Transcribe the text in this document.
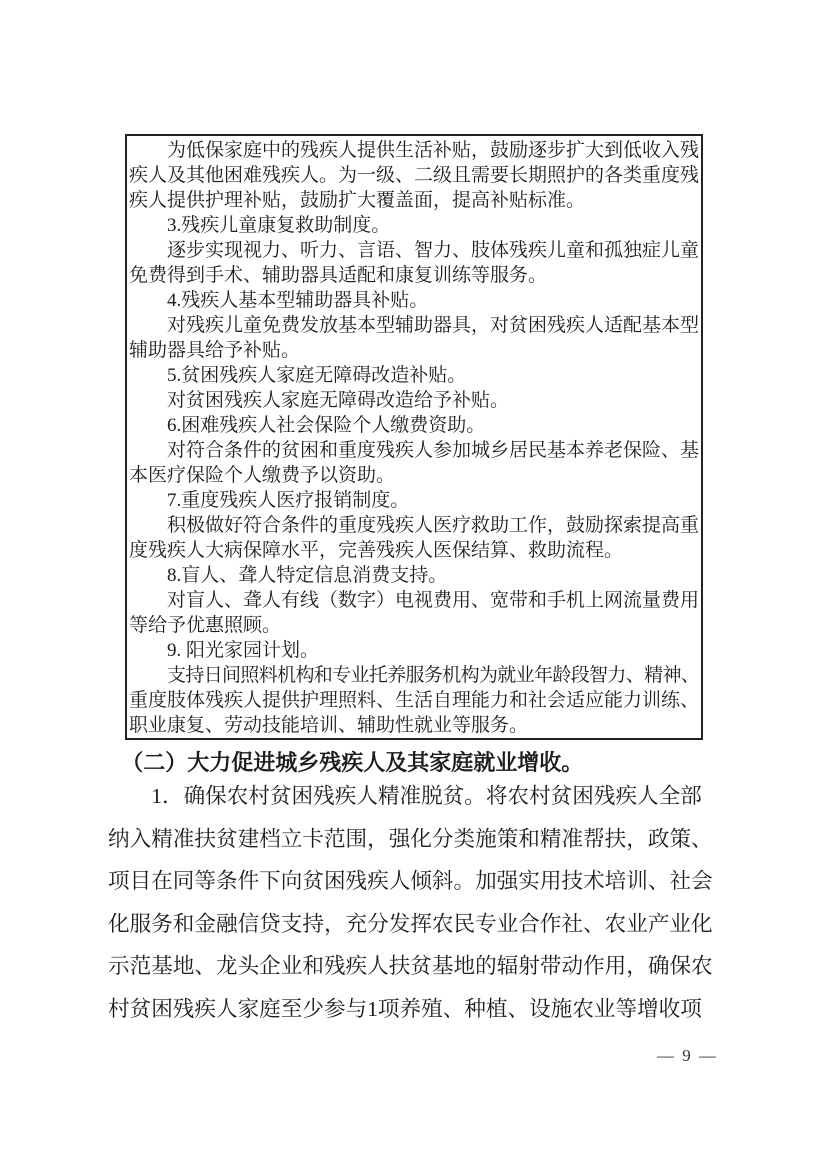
为低保家庭中的残疾人提供生活补贴，鼓励逐步扩大到低收入残
疾人及其他困难残疾人。为一级、二级且需要长期照护的各类重度残
疾人提供护理补贴，鼓励扩大覆盖面，提高补贴标准。
3.残疾儿童康复救助制度。
逐步实现视力、听力、言语、智力、肢体残疾儿童和孤独症儿童
免费得到手术、辅助器具适配和康复训练等服务。
4.残疾人基本型辅助器具补贴。
对残疾儿童免费发放基本型辅助器具，对贫困残疾人适配基本型
辅助器具给予补贴。
5.贫困残疾人家庭无障碍改造补贴。
对贫困残疾人家庭无障碍改造给予补贴。
6.困难残疾人社会保险个人缴费资助。
对符合条件的贫困和重度残疾人参加城乡居民基本养老保险、基
本医疗保险个人缴费予以资助。
7.重度残疾人医疗报销制度。
积极做好符合条件的重度残疾人医疗救助工作，鼓励探索提高重
度残疾人大病保障水平，完善残疾人医保结算、救助流程。
8.盲人、聋人特定信息消费支持。
对盲人、聋人有线（数字）电视费用、宽带和手机上网流量费用
等给予优惠照顾。
9. 阳光家园计划。
支持日间照料机构和专业托养服务机构为就业年龄段智力、精神、
重度肢体残疾人提供护理照料、生活自理能力和社会适应能力训练、
职业康复、劳动技能培训、辅助性就业等服务。
（二）大力促进城乡残疾人及其家庭就业增收。
1．确保农村贫困残疾人精准脱贫。将农村贫困残疾人全部
纳入精准扶贫建档立卡范围，强化分类施策和精准帮扶，政策、
项目在同等条件下向贫困残疾人倾斜。加强实用技术培训、社会
化服务和金融信贷支持，充分发挥农民专业合作社、农业产业化
示范基地、龙头企业和残疾人扶贫基地的辐射带动作用，确保农
村贫困残疾人家庭至少参与1项养殖、种植、设施农业等增收项
— 9 —
